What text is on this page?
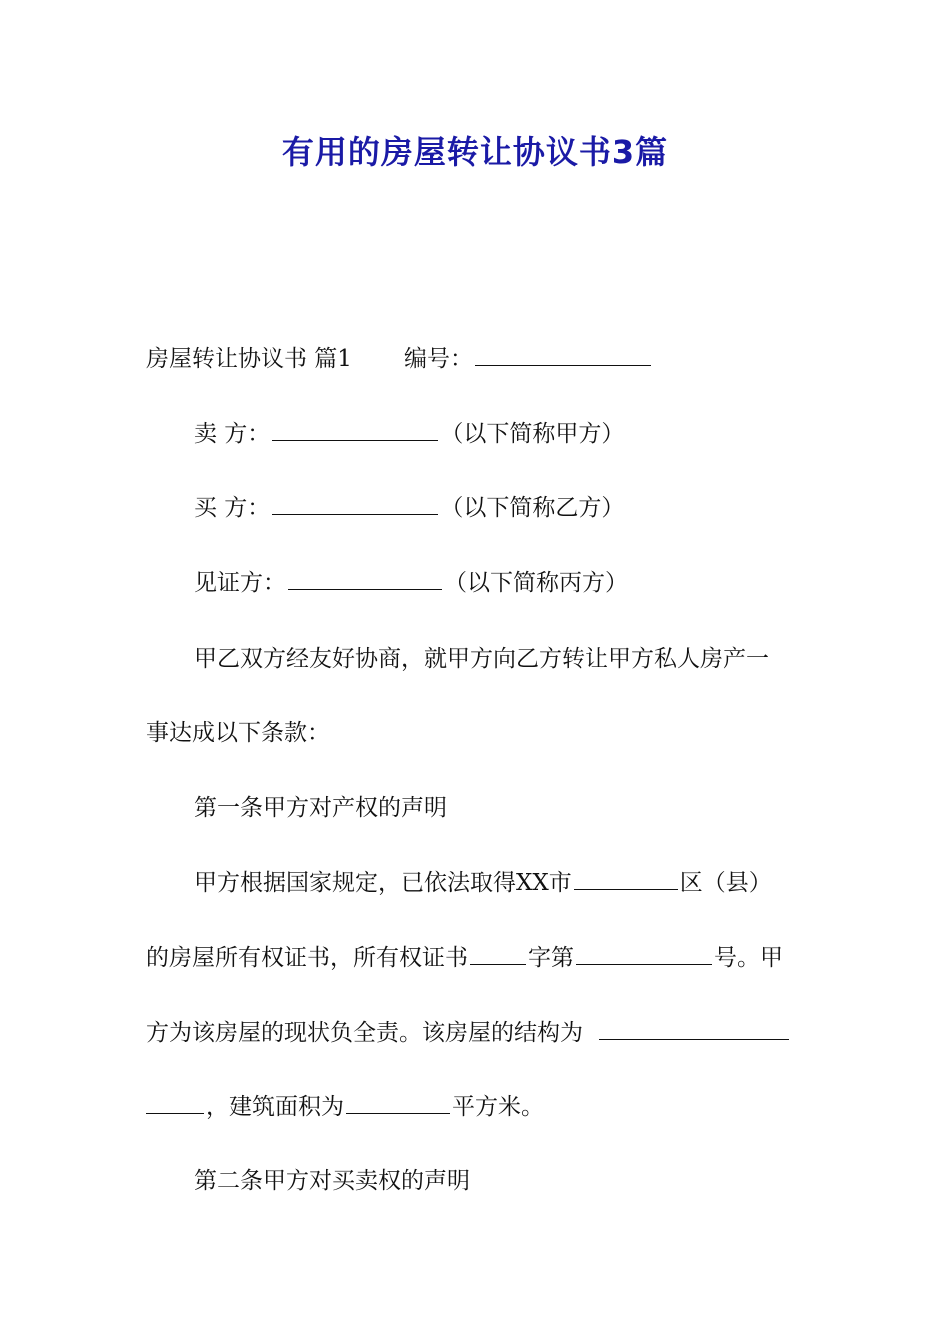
有用的房屋转让协议书3篇
房屋转让协议书 篇1 编号：
卖 方：	（以下简称甲方）
买 方：	（以下简称乙方）
见证方：	（以下简称丙方）
甲乙双方经友好协商，就甲方向乙方转让甲方私人房产一
事达成以下条款：
第一条甲方对产权的声明
甲方根据国家规定，已依法取得XX市	区（县）
的房屋所有权证书，所有权证书	字第	号。甲
方为该房屋的现状负全责。该房屋的结构为
，建筑面积为	平方米。
第二条甲方对买卖权的声明
